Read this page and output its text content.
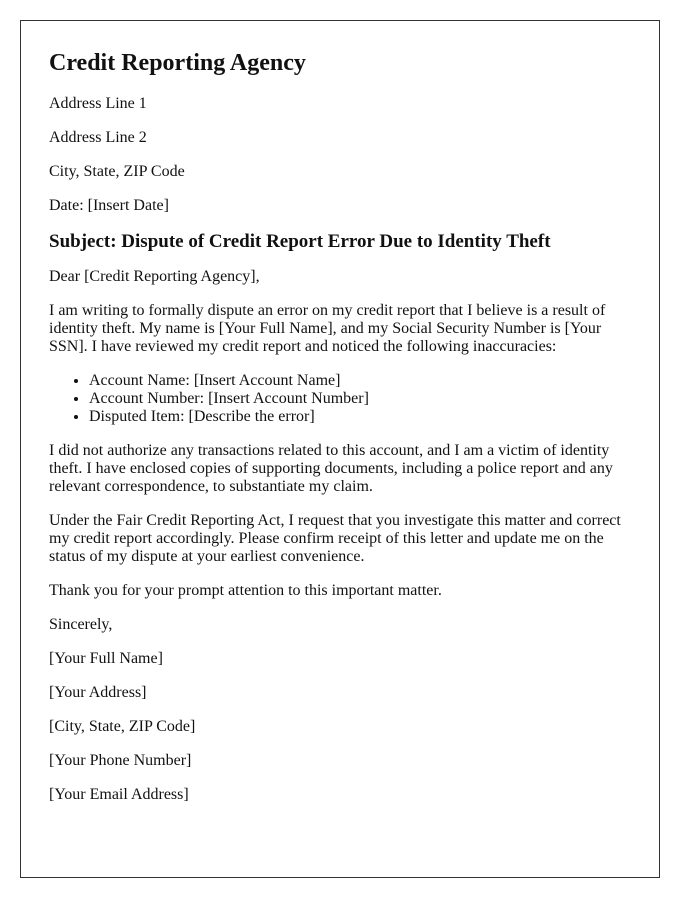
Credit Reporting Agency

Address Line 1

Address Line 2

City, State, ZIP Code

Date: [Insert Date]

Subject: Dispute of Credit Report Error Due to Identity Theft

Dear [Credit Reporting Agency],

I am writing to formally dispute an error on my credit report that I believe is a result of identity theft. My name is [Your Full Name], and my Social Security Number is [Your SSN]. I have reviewed my credit report and noticed the following inaccuracies:

• Account Name: [Insert Account Name]
• Account Number: [Insert Account Number]
• Disputed Item: [Describe the error]

I did not authorize any transactions related to this account, and I am a victim of identity theft. I have enclosed copies of supporting documents, including a police report and any relevant correspondence, to substantiate my claim.

Under the Fair Credit Reporting Act, I request that you investigate this matter and correct my credit report accordingly. Please confirm receipt of this letter and update me on the status of my dispute at your earliest convenience.

Thank you for your prompt attention to this important matter.

Sincerely,

[Your Full Name]

[Your Address]

[City, State, ZIP Code]

[Your Phone Number]

[Your Email Address]
